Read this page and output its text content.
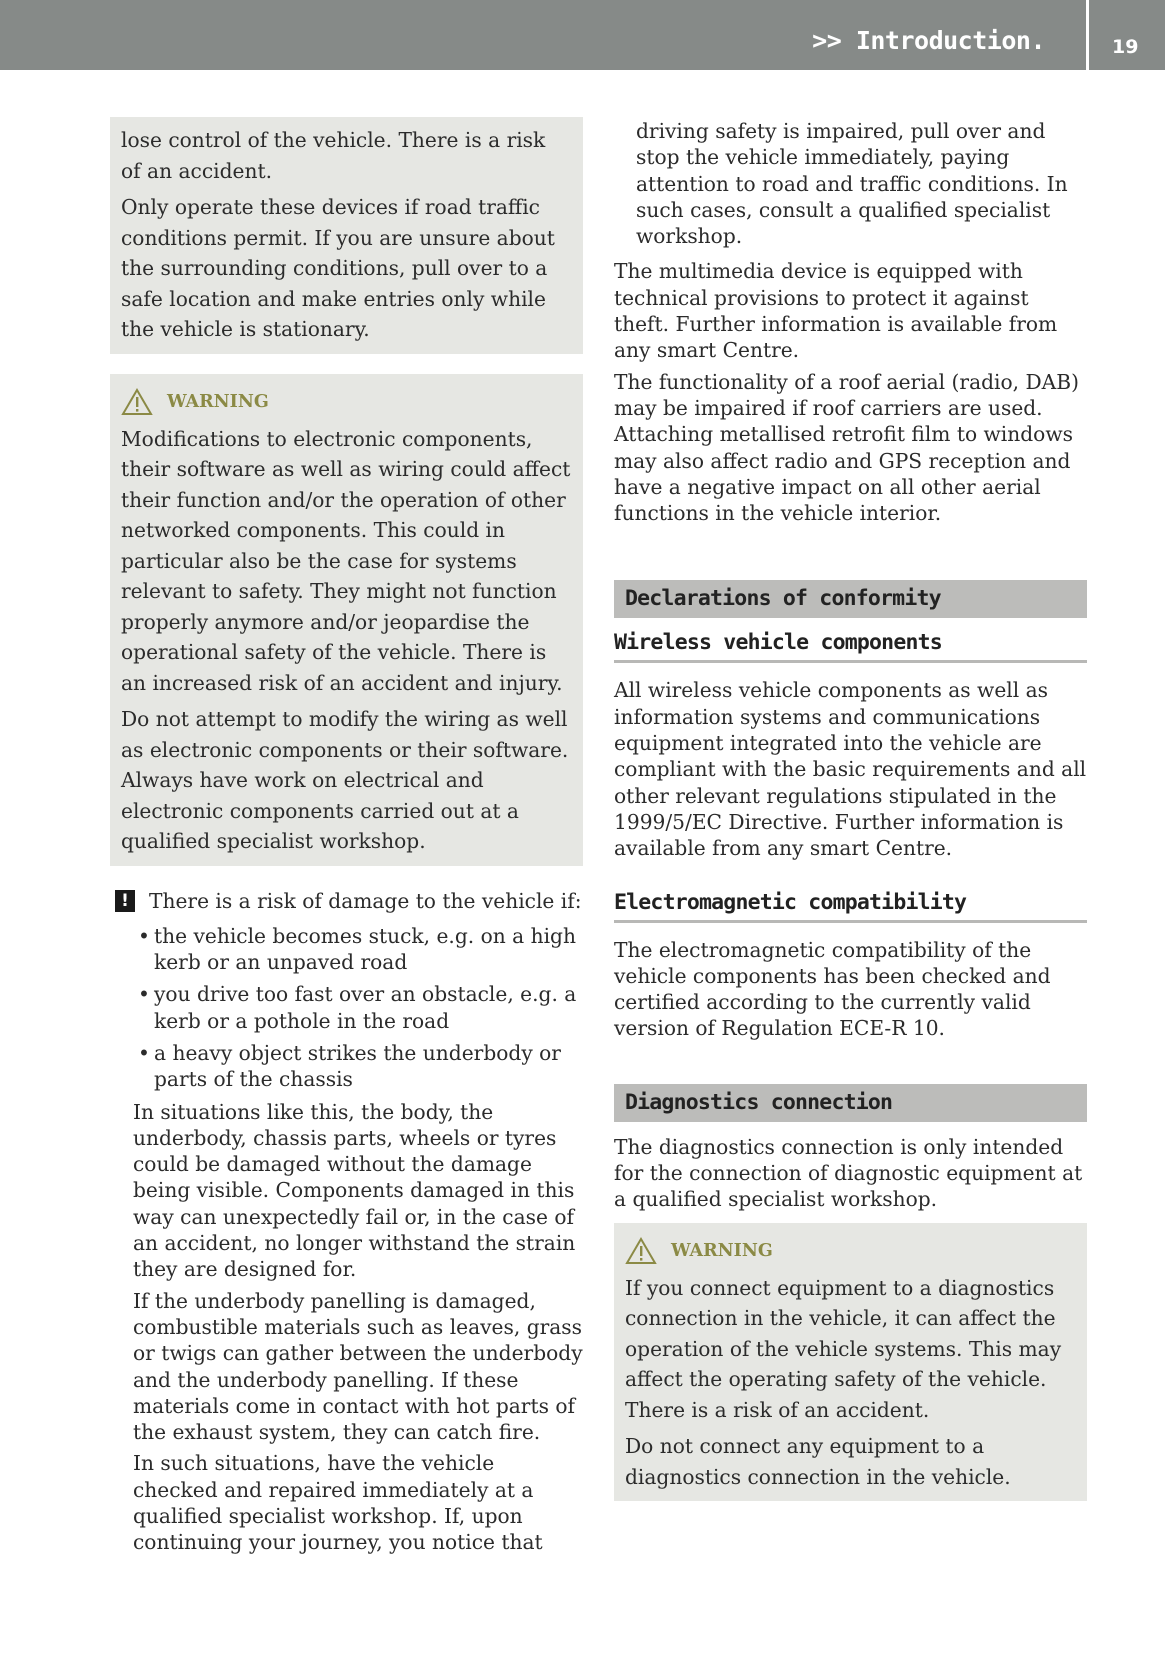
>> Introduction.	19

lose control of the vehicle. There is a risk of an accident.

Only operate these devices if road traffic conditions permit. If you are unsure about the surrounding conditions, pull over to a safe location and make entries only while the vehicle is stationary.

WARNING

Modifications to electronic components, their software as well as wiring could affect their function and/or the operation of other networked components. This could in particular also be the case for systems relevant to safety. They might not function properly anymore and/or jeopardise the operational safety of the vehicle. There is an increased risk of an accident and injury.

Do not attempt to modify the wiring as well as electronic components or their software. Always have work on electrical and electronic components carried out at a qualified specialist workshop.

! There is a risk of damage to the vehicle if:
• the vehicle becomes stuck, e.g. on a high kerb or an unpaved road
• you drive too fast over an obstacle, e.g. a kerb or a pothole in the road
• a heavy object strikes the underbody or parts of the chassis

In situations like this, the body, the underbody, chassis parts, wheels or tyres could be damaged without the damage being visible. Components damaged in this way can unexpectedly fail or, in the case of an accident, no longer withstand the strain they are designed for.

If the underbody panelling is damaged, combustible materials such as leaves, grass or twigs can gather between the underbody and the underbody panelling. If these materials come in contact with hot parts of the exhaust system, they can catch fire.

In such situations, have the vehicle checked and repaired immediately at a qualified specialist workshop. If, upon continuing your journey, you notice that

driving safety is impaired, pull over and stop the vehicle immediately, paying attention to road and traffic conditions. In such cases, consult a qualified specialist workshop.

The multimedia device is equipped with technical provisions to protect it against theft. Further information is available from any smart Centre.

The functionality of a roof aerial (radio, DAB) may be impaired if roof carriers are used. Attaching metallised retrofit film to windows may also affect radio and GPS reception and have a negative impact on all other aerial functions in the vehicle interior.

Declarations of conformity
Wireless vehicle components

All wireless vehicle components as well as information systems and communications equipment integrated into the vehicle are compliant with the basic requirements and all other relevant regulations stipulated in the 1999/5/EC Directive. Further information is available from any smart Centre.

Electromagnetic compatibility

The electromagnetic compatibility of the vehicle components has been checked and certified according to the currently valid version of Regulation ECE-R 10.

Diagnostics connection

The diagnostics connection is only intended for the connection of diagnostic equipment at a qualified specialist workshop.

WARNING

If you connect equipment to a diagnostics connection in the vehicle, it can affect the operation of the vehicle systems. This may affect the operating safety of the vehicle. There is a risk of an accident.

Do not connect any equipment to a diagnostics connection in the vehicle.
